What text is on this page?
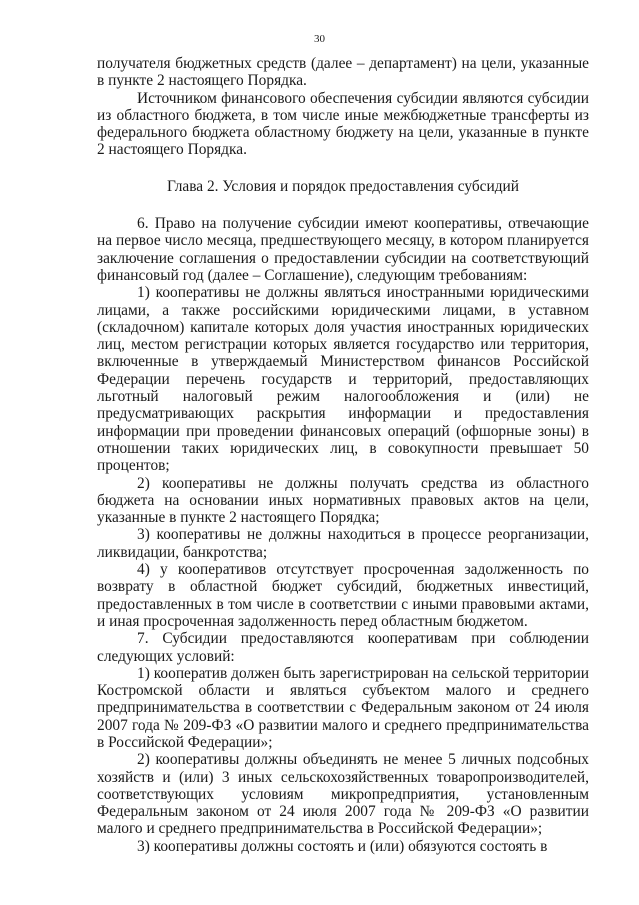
30

получателя бюджетных средств (далее – департамент) на цели, указанные в пункте 2 настоящего Порядка.

Источником финансового обеспечения субсидии являются субсидии из областного бюджета, в том числе иные межбюджетные трансферты из федерального бюджета областному бюджету на цели, указанные в пункте 2 настоящего Порядка.

Глава 2. Условия и порядок предоставления субсидий

6. Право на получение субсидии имеют кооперативы, отвечающие на первое число месяца, предшествующего месяцу, в котором планируется заключение соглашения о предоставлении субсидии на соответствующий финансовый год (далее – Соглашение), следующим требованиям:

1) кооперативы не должны являться иностранными юридическими лицами, а также российскими юридическими лицами, в уставном (складочном) капитале которых доля участия иностранных юридических лиц, местом регистрации которых является государство или территория, включенные в утверждаемый Министерством финансов Российской Федерации перечень государств и территорий, предоставляющих льготный налоговый режим налогообложения и (или) не предусматривающих раскрытия информации и предоставления информации при проведении финансовых операций (офшорные зоны) в отношении таких юридических лиц, в совокупности превышает 50 процентов;

2) кооперативы не должны получать средства из областного бюджета на основании иных нормативных правовых актов на цели, указанные в пункте 2 настоящего Порядка;

3) кооперативы не должны находиться в процессе реорганизации, ликвидации, банкротства;

4) у кооперативов отсутствует просроченная задолженность по возврату в областной бюджет субсидий, бюджетных инвестиций, предоставленных в том числе в соответствии с иными правовыми актами, и иная просроченная задолженность перед областным бюджетом.

7. Субсидии предоставляются кооперативам при соблюдении следующих условий:

1) кооператив должен быть зарегистрирован на сельской территории Костромской области и являться субъектом малого и среднего предпринимательства в соответствии с Федеральным законом от 24 июля 2007 года № 209-ФЗ «О развитии малого и среднего предпринимательства в Российской Федерации»;

2) кооперативы должны объединять не менее 5 личных подсобных хозяйств и (или) 3 иных сельскохозяйственных товаропроизводителей, соответствующих условиям микропредприятия, установленным Федеральным законом от 24 июля 2007 года № 209-ФЗ «О развитии малого и среднего предпринимательства в Российской Федерации»;

3) кооперативы должны состоять и (или) обязуются состоять в
